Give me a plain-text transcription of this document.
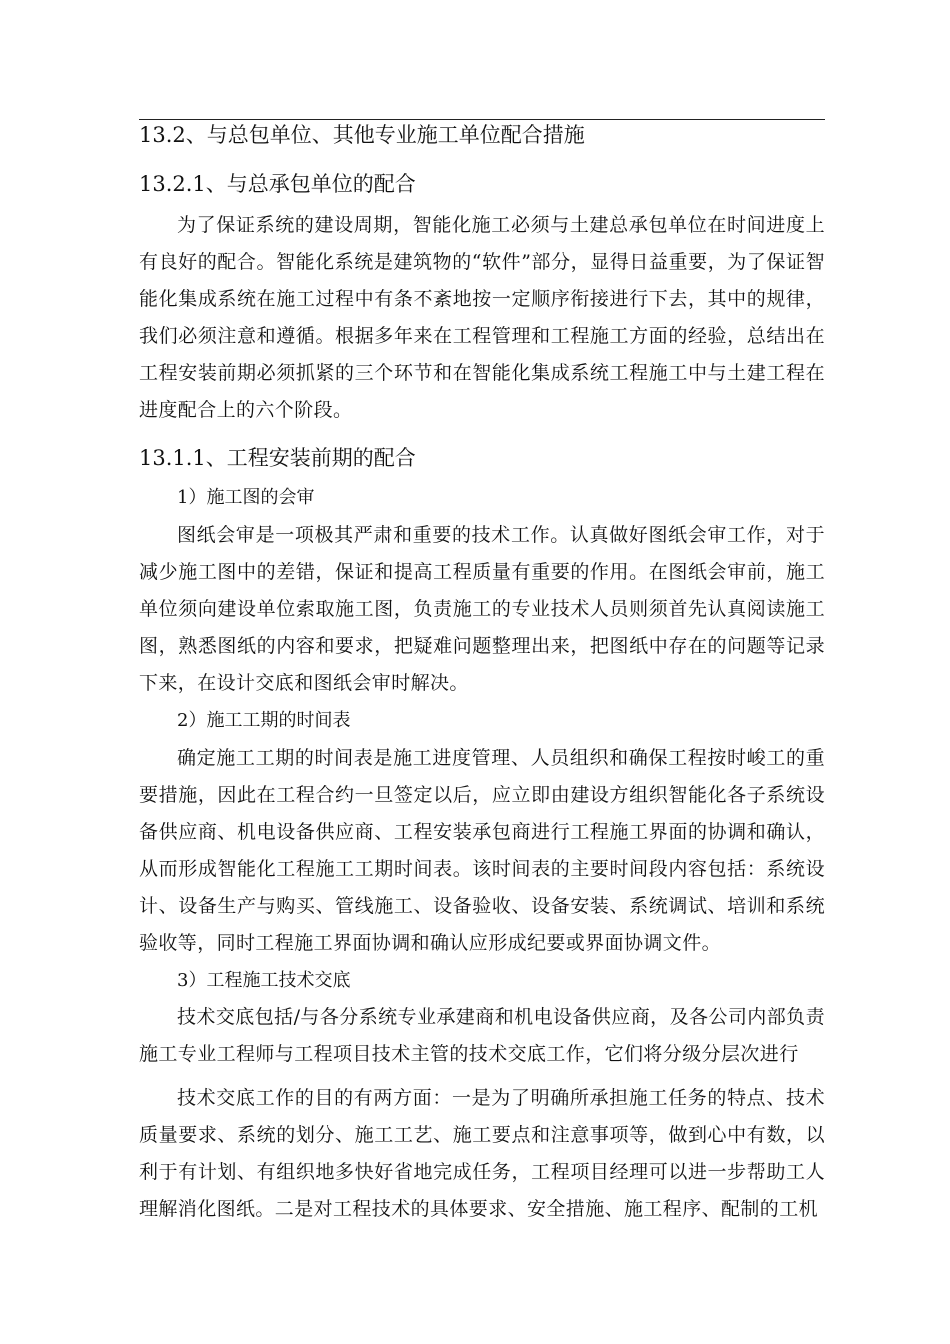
13.2、与总包单位、其他专业施工单位配合措施
13.2.1、与总承包单位的配合

为了保证系统的建设周期，智能化施工必须与土建总承包单位在时间进度上有良好的配合。智能化系统是建筑物的“软件”部分，显得日益重要，为了保证智能化集成系统在施工过程中有条不紊地按一定顺序衔接进行下去，其中的规律，我们必须注意和遵循。根据多年来在工程管理和工程施工方面的经验，总结出在工程安装前期必须抓紧的三个环节和在智能化集成系统工程施工中与土建工程在进度配合上的六个阶段。

13.1.1、工程安装前期的配合
1）施工图的会审

图纸会审是一项极其严肃和重要的技术工作。认真做好图纸会审工作，对于减少施工图中的差错，保证和提高工程质量有重要的作用。在图纸会审前，施工单位须向建设单位索取施工图，负责施工的专业技术人员则须首先认真阅读施工图，熟悉图纸的内容和要求，把疑难问题整理出来，把图纸中存在的问题等记录下来，在设计交底和图纸会审时解决。

2）施工工期的时间表

确定施工工期的时间表是施工进度管理、人员组织和确保工程按时峻工的重要措施，因此在工程合约一旦签定以后，应立即由建设方组织智能化各子系统设备供应商、机电设备供应商、工程安装承包商进行工程施工界面的协调和确认，从而形成智能化工程施工工期时间表。该时间表的主要时间段内容包括：系统设计、设备生产与购买、管线施工、设备验收、设备安装、系统调试、培训和系统验收等，同时工程施工界面协调和确认应形成纪要或界面协调文件。

3）工程施工技术交底

技术交底包括/与各分系统专业承建商和机电设备供应商，及各公司内部负责施工专业工程师与工程项目技术主管的技术交底工作，它们将分级分层次进行

技术交底工作的目的有两方面：一是为了明确所承担施工任务的特点、技术质量要求、系统的划分、施工工艺、施工要点和注意事项等，做到心中有数，以利于有计划、有组织地多快好省地完成任务，工程项目经理可以进一步帮助工人理解消化图纸。二是对工程技术的具体要求、安全措施、施工程序、配制的工机
